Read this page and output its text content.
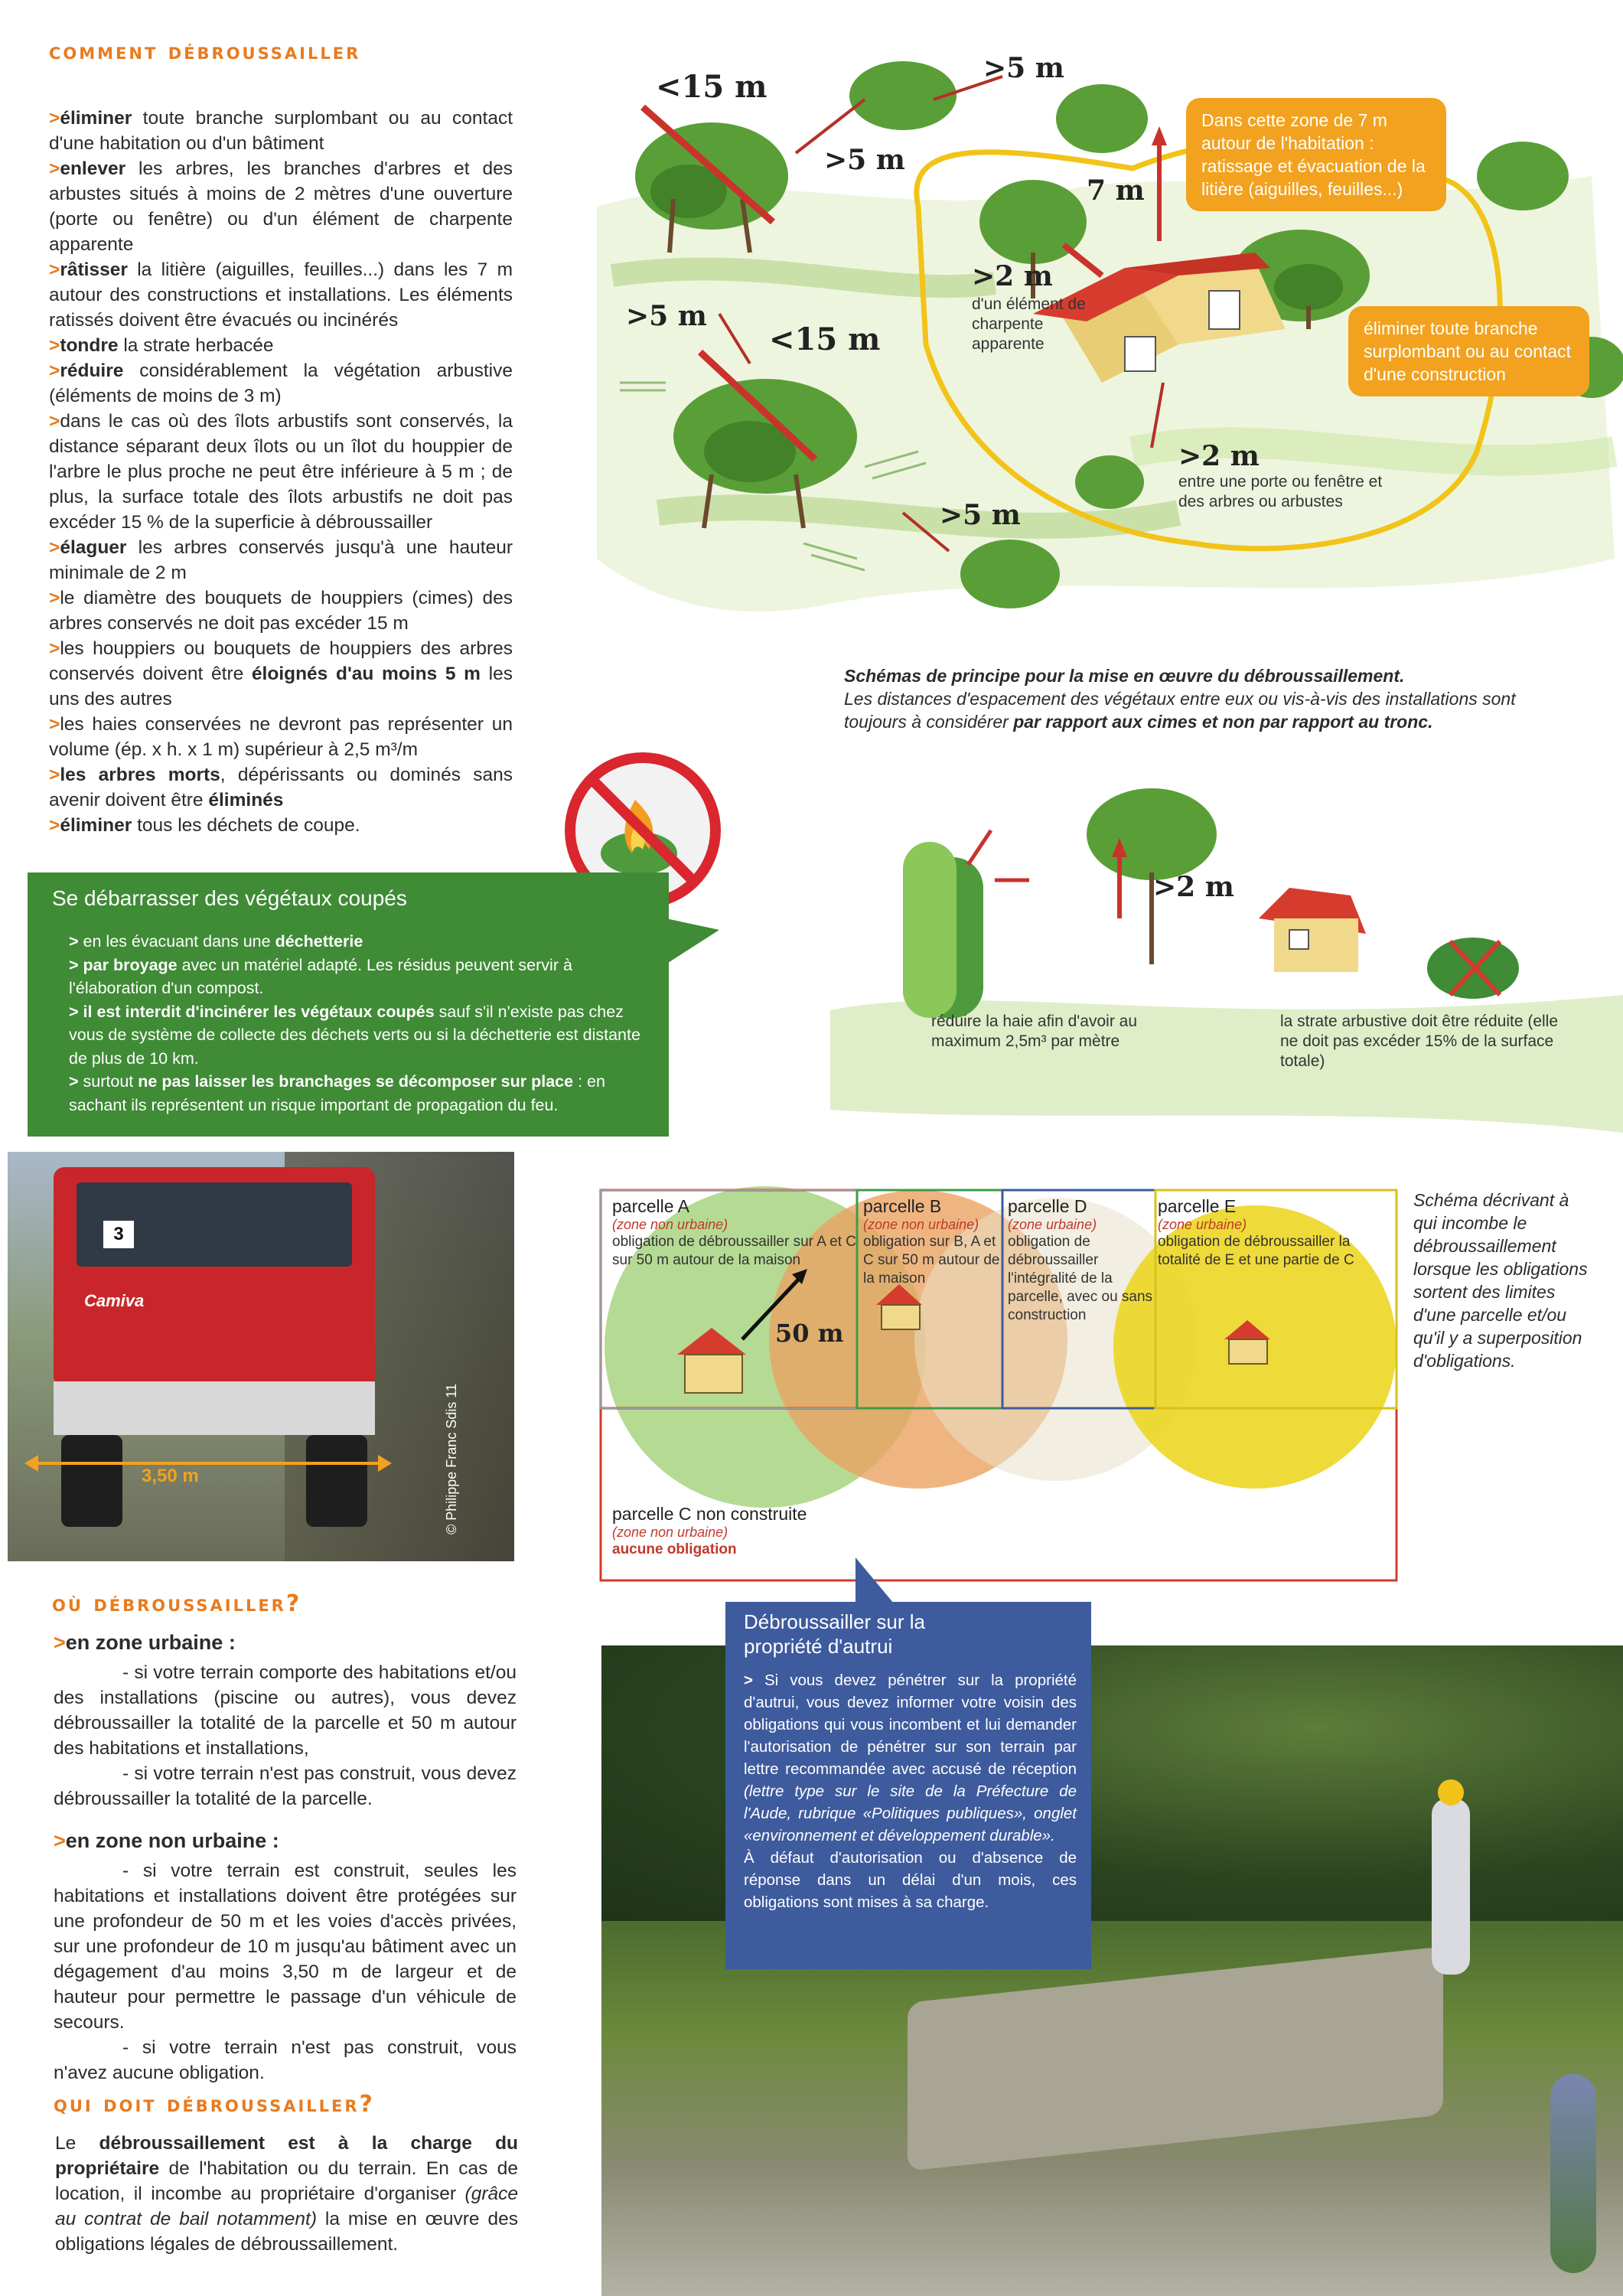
comment débroussailler

>éliminer toute branche surplombant ou au contact d'une habitation ou d'un bâtiment

>enlever les arbres, les branches d'arbres et des arbustes situés à moins de 2 mètres d'une ouverture (porte ou fenêtre) ou d'un élément de charpente apparente

>râtisser la litière (aiguilles, feuilles...) dans les 7 m autour des constructions et installations. Les éléments ratissés doivent être évacués ou incinérés

>tondre la strate herbacée

>réduire considérablement la végétation arbustive (éléments de moins de 3 m)

>dans le cas où des îlots arbustifs sont conservés, la distance séparant deux îlots ou un îlot du houppier de l'arbre le plus proche ne peut être inférieure à 5 m ; de plus, la surface totale des îlots arbustifs ne doit pas excéder 15 % de la superficie à débroussailler

>élaguer les arbres conservés jusqu'à une hauteur minimale de 2 m

>le diamètre des bouquets de houppiers (cimes) des arbres conservés ne doit pas excéder 15 m

>les houppiers ou bouquets de houppiers des arbres conservés doivent être éloignés d'au moins 5 m les uns des autres

>les haies conservées ne devront pas représenter un volume (ép. x h. x 1 m) supérieur à 2,5 m³/m

>les arbres morts, dépérissants ou dominés sans avenir doivent être éliminés

>éliminer tous les déchets de coupe.

Se débarrasser des végétaux coupés
> en les évacuant dans une déchetterie
> par broyage avec un matériel adapté. Les résidus peuvent servir à l'élaboration d'un compost.
> il est interdit d'incinérer les végétaux coupés sauf s'il n'existe pas chez vous de système de collecte des déchets verts ou si la déchetterie est distante de plus de 10 km.
> surtout ne pas laisser les branchages se décomposer sur place : en sachant ils représentent un risque important de propagation du feu.
<15 m
>5 m
>5 m
7 m
>2 m
d'un élément de charpente apparente
>5 m
<15 m
>2 m
entre une porte ou fenêtre et des arbres ou arbustes
>5 m
Dans cette zone de 7 m autour de l'habitation : ratissage et évacuation de la litière (aiguilles, feuilles...)
éliminer toute branche surplombant ou au contact d'une construction
Schémas de principe pour la mise en œuvre du débroussaillement.
Les distances d'espacement des végétaux entre eux ou vis-à-vis des installations sont toujours à considérer par rapport aux cimes et non par rapport au tronc.
>2 m
réduire la haie afin d'avoir au maximum 2,5m³ par mètre
la strate arbustive doit être réduite (elle ne doit pas excéder 15% de la surface totale)
3
Camiva
3,50 m	© Philippe Franc Sdis 11
parcelle A
(zone non urbaine)
obligation de débroussailler sur A et C sur 50 m autour de la maison
parcelle B
(zone non urbaine)
obligation sur B, A et C sur 50 m autour de la maison
parcelle D
(zone urbaine)
obligation de débroussailler l'intégralité de la parcelle, avec ou sans construction
parcelle E
(zone urbaine)
obligation de débroussailler la totalité de E et une partie de C
parcelle C non construite
(zone non urbaine)
aucune obligation
50 m
Schéma décrivant à qui incombe le débroussaillement lorsque les obligations sortent des limites d'une parcelle et/ou qu'il y a superposition d'obligations.
où débroussailler?

>en zone urbaine :

- si votre terrain comporte des habitations et/ou des installations (piscine ou autres), vous devez débroussailler la totalité de la parcelle et 50 m autour des habitations et installations,

- si votre terrain n'est pas construit, vous devez débroussailler la totalité de la parcelle.

>en zone non urbaine :

- si votre terrain est construit, seules les habitations et installations doivent être protégées sur une profondeur de 50 m et les voies d'accès privées, sur une profondeur de 10 m jusqu'au bâtiment avec un dégagement d'au moins 3,50 m de largeur et de hauteur pour permettre le passage d'un véhicule de secours.

- si votre terrain n'est pas construit, vous n'avez aucune obligation.

qui doit débroussailler?
Le débroussaillement est à la charge du propriétaire de l'habitation ou du terrain. En cas de location, il incombe au propriétaire d'organiser (grâce au contrat de bail notamment) la mise en œuvre des obligations légales de débroussaillement.
Débroussailler sur la propriété d'autrui
> Si vous devez pénétrer sur la propriété d'autrui, vous devez informer votre voisin des obligations qui vous incombent et lui demander l'autorisation de pénétrer sur son terrain par lettre recommandée avec accusé de réception (lettre type sur le site de la Préfecture de l'Aude, rubrique «Politiques publiques», onglet «environnement et développement durable».
À défaut d'autorisation ou d'absence de réponse dans un délai d'un mois, ces obligations sont mises à sa charge.
